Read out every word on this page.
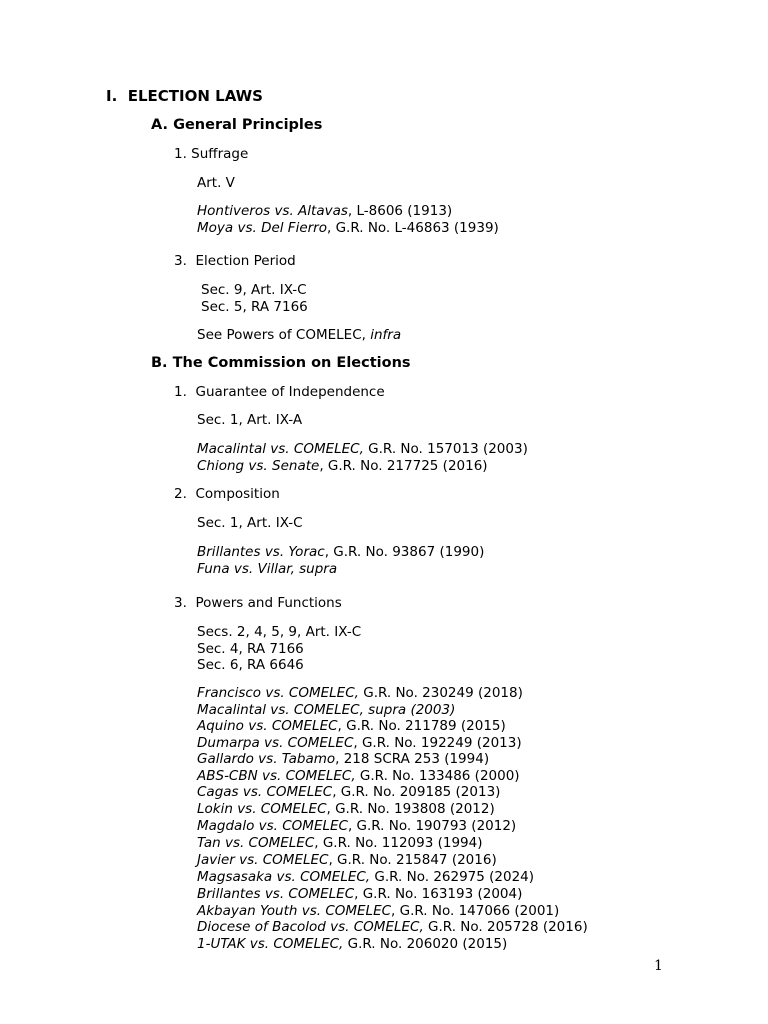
I. ELECTION LAWS
A. General Principles
1. Suffrage
Art. V
Hontiveros vs. Altavas, L-8606 (1913)
Moya vs. Del Fierro, G.R. No. L-46863 (1939)
3. Election Period
Sec. 9, Art. IX-C
Sec. 5, RA 7166
See Powers of COMELEC, infra
B. The Commission on Elections
1. Guarantee of Independence
Sec. 1, Art. IX-A
Macalintal vs. COMELEC, G.R. No. 157013 (2003)
Chiong vs. Senate, G.R. No. 217725 (2016)
2. Composition
Sec. 1, Art. IX-C
Brillantes vs. Yorac, G.R. No. 93867 (1990)
Funa vs. Villar, supra
3. Powers and Functions
Secs. 2, 4, 5, 9, Art. IX-C
Sec. 4, RA 7166
Sec. 6, RA 6646
Francisco vs. COMELEC, G.R. No. 230249 (2018)
Macalintal vs. COMELEC, supra (2003)
Aquino vs. COMELEC, G.R. No. 211789 (2015)
Dumarpa vs. COMELEC, G.R. No. 192249 (2013)
Gallardo vs. Tabamo, 218 SCRA 253 (1994)
ABS-CBN vs. COMELEC, G.R. No. 133486 (2000)
Cagas vs. COMELEC, G.R. No. 209185 (2013)
Lokin vs. COMELEC, G.R. No. 193808 (2012)
Magdalo vs. COMELEC, G.R. No. 190793 (2012)
Tan vs. COMELEC, G.R. No. 112093 (1994)
Javier vs. COMELEC, G.R. No. 215847 (2016)
Magsasaka vs. COMELEC, G.R. No. 262975 (2024)
Brillantes vs. COMELEC, G.R. No. 163193 (2004)
Akbayan Youth vs. COMELEC, G.R. No. 147066 (2001)
Diocese of Bacolod vs. COMELEC, G.R. No. 205728 (2016)
1-UTAK vs. COMELEC, G.R. No. 206020 (2015)
1
